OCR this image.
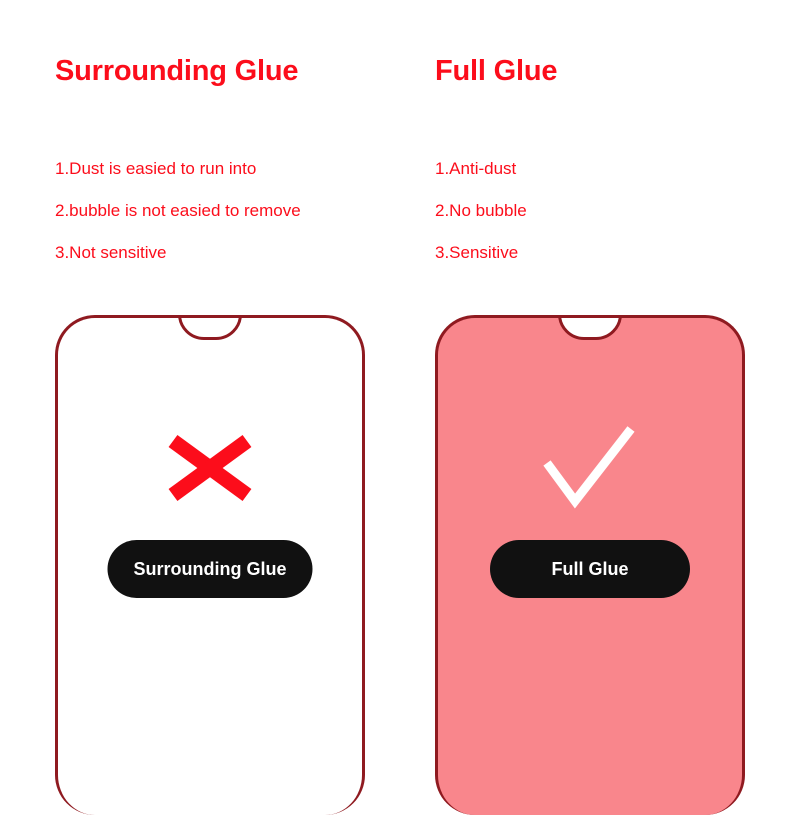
Surrounding Glue
1.Dust is easied to run into
2.bubble is not easied to remove
3.Not sensitive
Surrounding Glue
Full Glue
1.Anti-dust
2.No bubble
3.Sensitive
Full Glue
